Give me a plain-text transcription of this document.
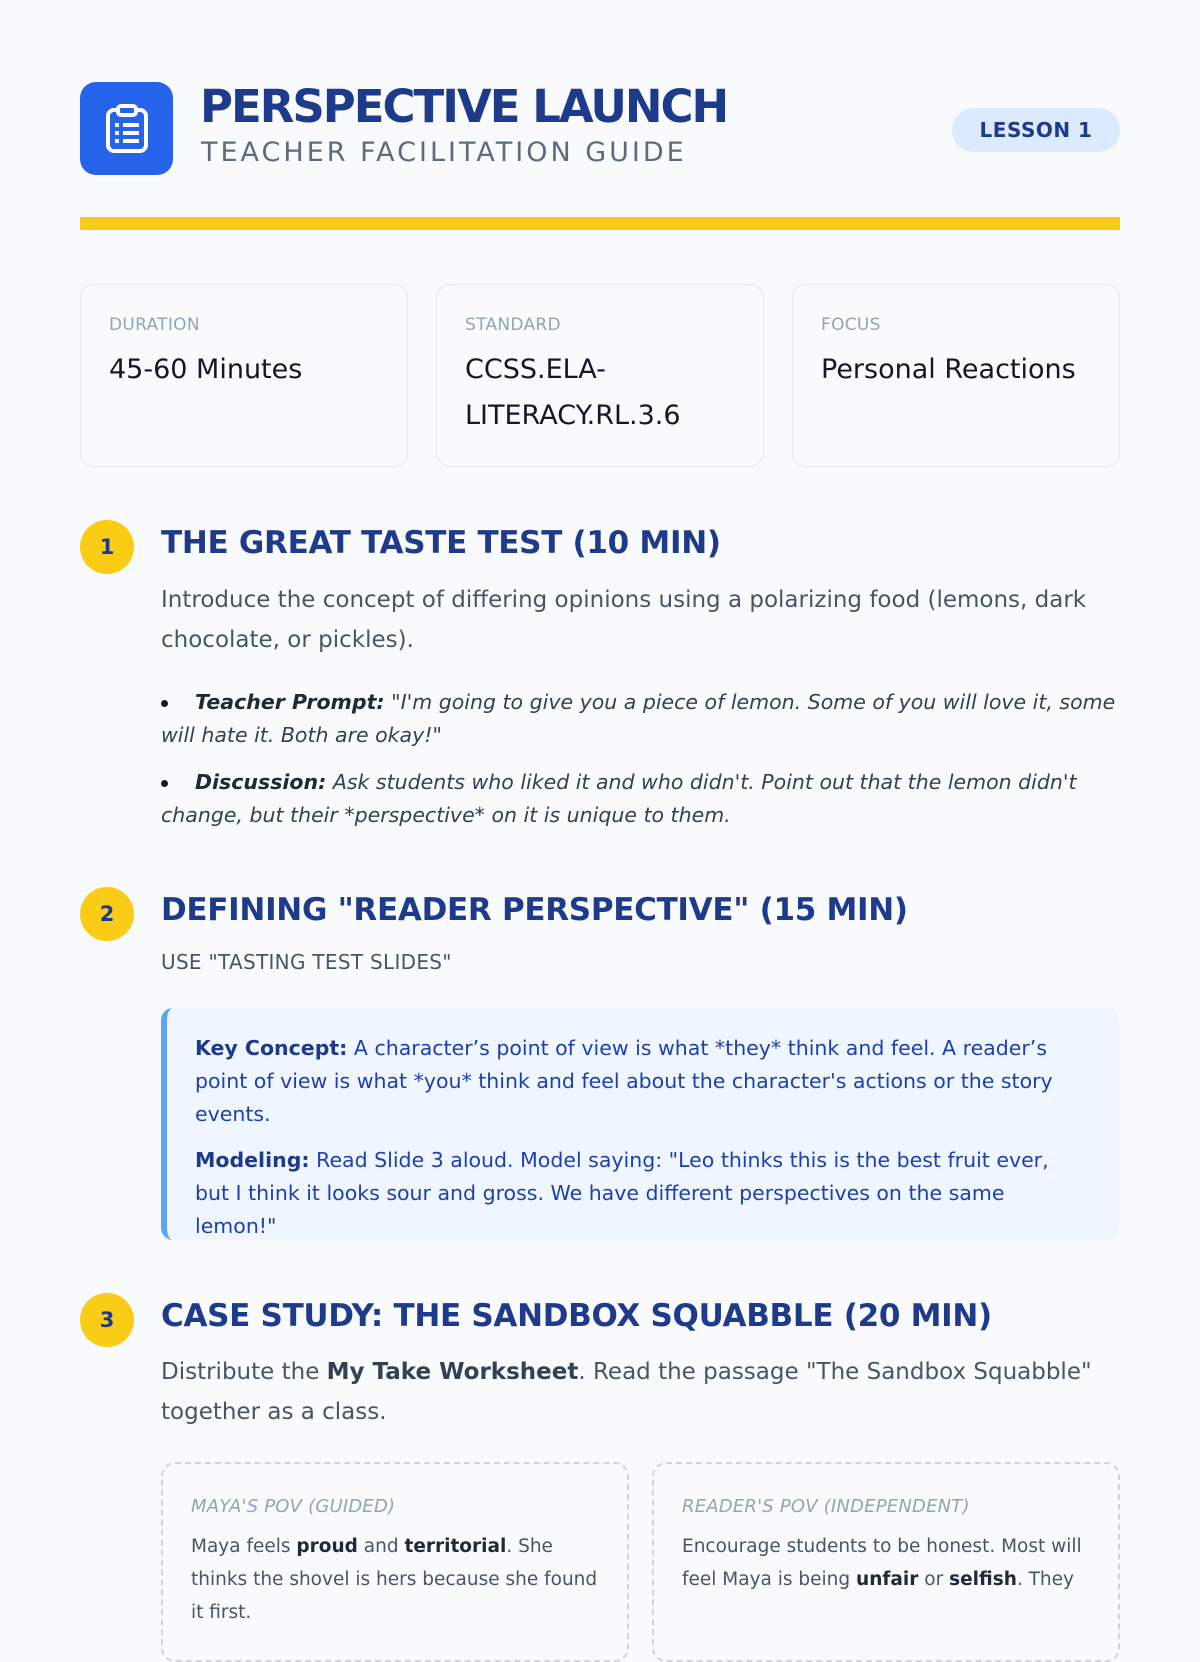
PERSPECTIVE LAUNCH
TEACHER FACILITATION GUIDE
LESSON 1
DURATION
45-60 Minutes
STANDARD
CCSS.ELA-LITERACY.RL.3.6
FOCUS
Personal Reactions
1	THE GREAT TASTE TEST (10 MIN)
Introduce the concept of differing opinions using a polarizing food (lemons, dark chocolate, or pickles).
Teacher Prompt: "I'm going to give you a piece of lemon. Some of you will love it, some will hate it. Both are okay!"
Discussion: Ask students who liked it and who didn't. Point out that the lemon didn't change, but their *perspective* on it is unique to them.
2	DEFINING "READER PERSPECTIVE" (15 MIN)
USE "TASTING TEST SLIDES"

Key Concept: A character’s point of view is what *they* think and feel. A reader’s point of view is what *you* think and feel about the character's actions or the story events.

Modeling: Read Slide 3 aloud. Model saying: "Leo thinks this is the best fruit ever, but I think it looks sour and gross. We have different perspectives on the same lemon!"

3	CASE STUDY: THE SANDBOX SQUABBLE (20 MIN)
Distribute the My Take Worksheet. Read the passage "The Sandbox Squabble" together as a class.
MAYA'S POV (GUIDED)
Maya feels proud and territorial. She thinks the shovel is hers because she found it first.
READER'S POV (INDEPENDENT)
Encourage students to be honest. Most will feel Maya is being unfair or selfish. They
